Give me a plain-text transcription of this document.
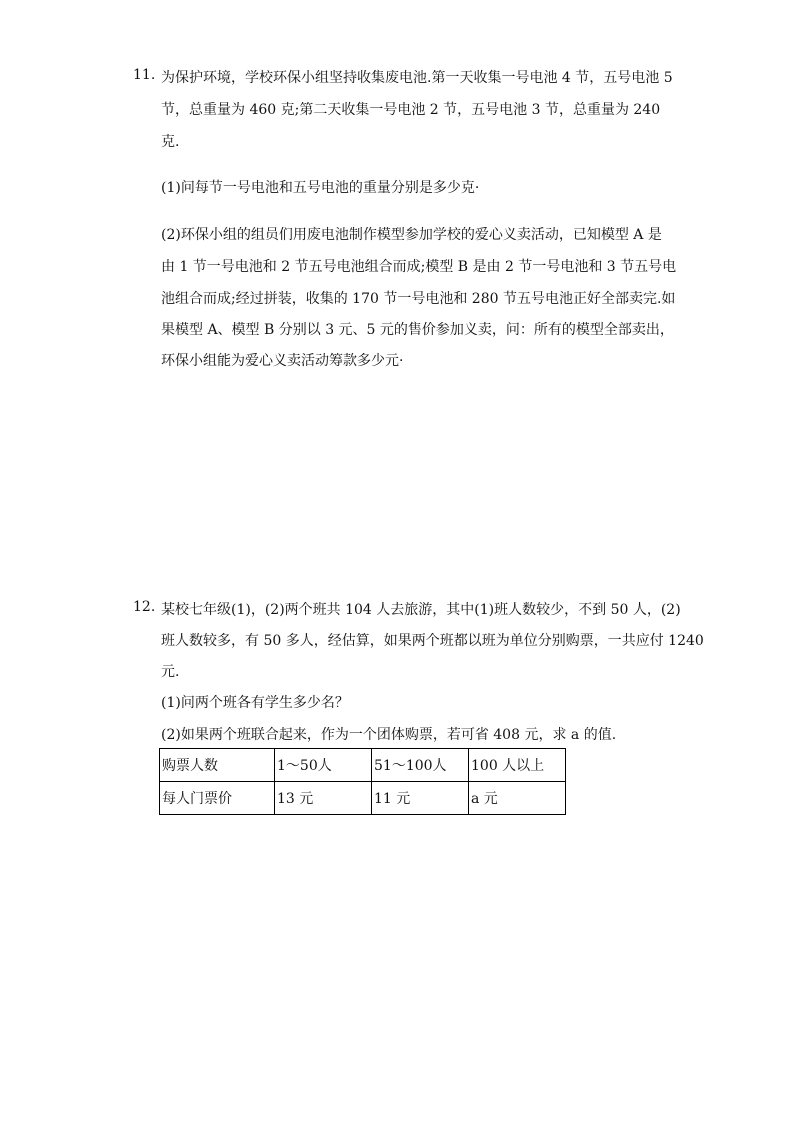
11. 为保护环境，学校环保小组坚持收集废电池.第一天收集一号电池 4 节，五号电池 5
节，总重量为 460 克;第二天收集一号电池 2 节，五号电池 3 节，总重量为 240
克.
(1)问每节一号电池和五号电池的重量分别是多少克·
(2)环保小组的组员们用废电池制作模型参加学校的爱心义卖活动，已知模型 A 是
由 1 节一号电池和 2 节五号电池组合而成;模型 B 是由 2 节一号电池和 3 节五号电
池组合而成;经过拼装，收集的 170 节一号电池和 280 节五号电池正好全部卖完.如
果模型 A、模型 B 分别以 3 元、5 元的售价参加义卖，问：所有的模型全部卖出，
环保小组能为爱心义卖活动筹款多少元·
12. 某校七年级(1)，(2)两个班共 104 人去旅游，其中(1)班人数较少，不到 50 人，(2)
班人数较多，有 50 多人，经估算，如果两个班都以班为单位分别购票，一共应付 1240
元.
(1)问两个班各有学生多少名？
(2)如果两个班联合起来，作为一个团体购票，若可省 408 元，求 a 的值.
购票人数	1～50人	51～100人	100 人以上
每人门票价	13 元	11 元	a 元
